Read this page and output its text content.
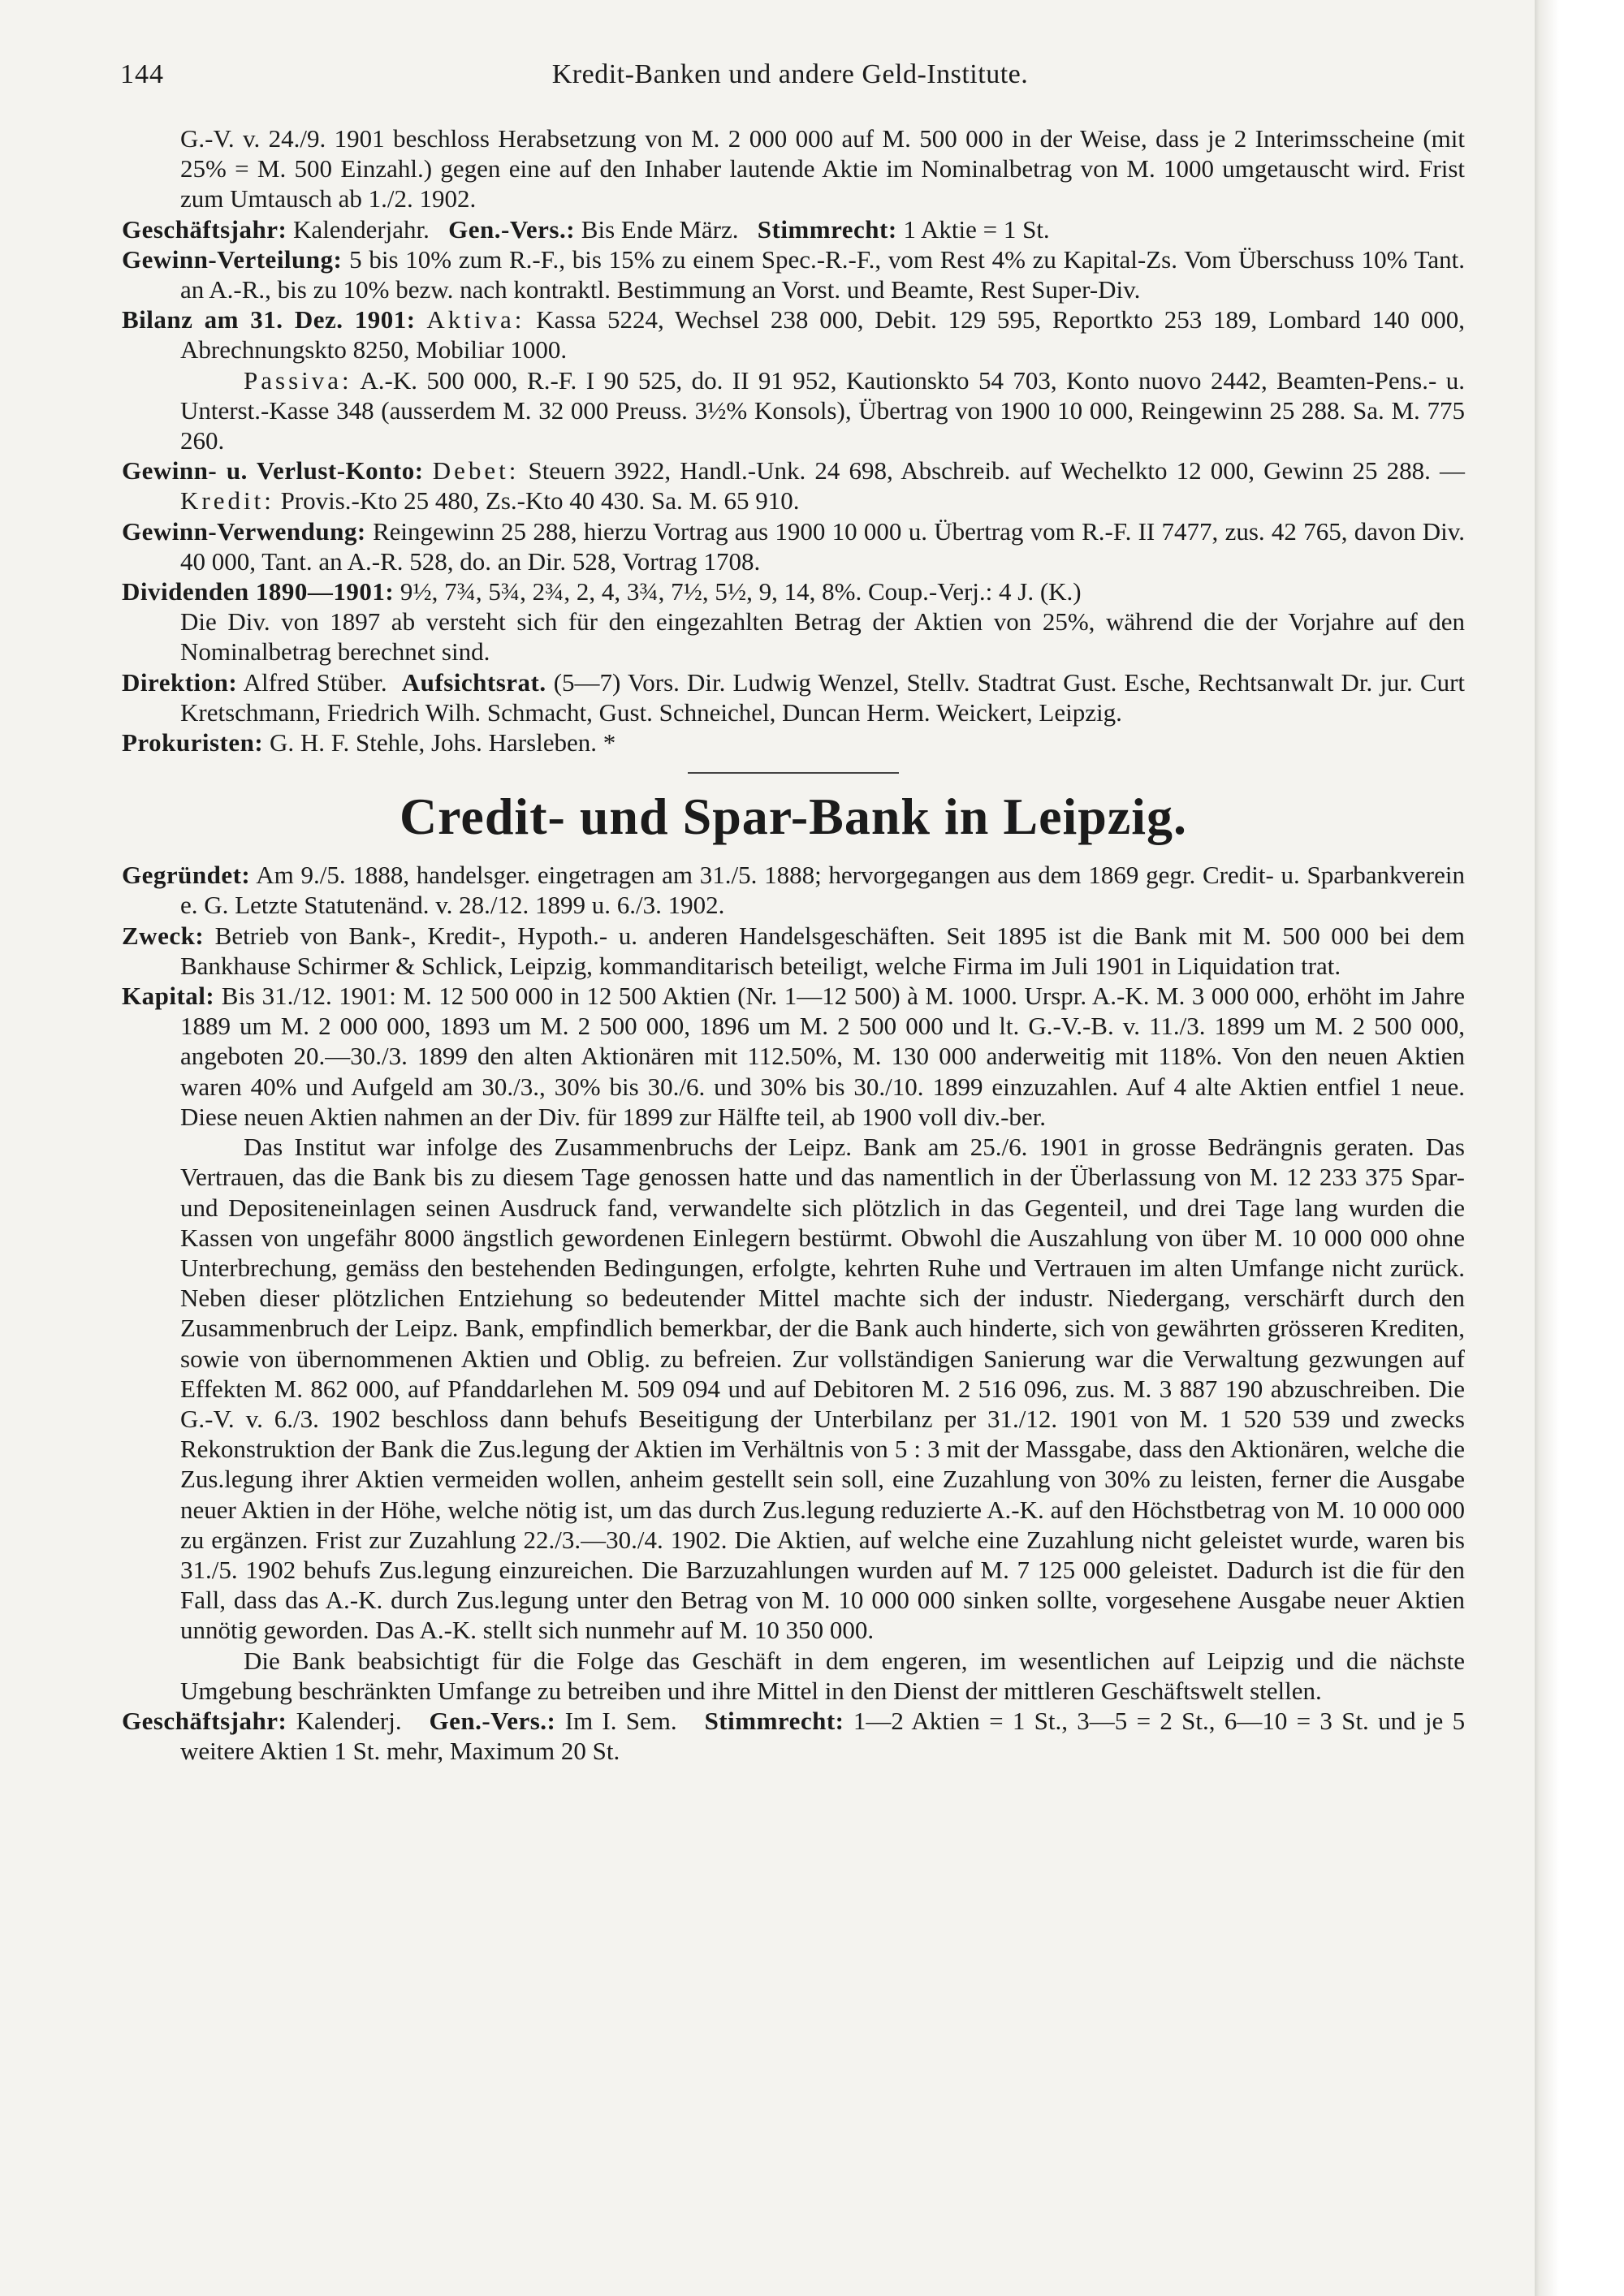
144	Kredit-Banken und andere Geld-Institute.

G.-V. v. 24./9. 1901 beschloss Herabsetzung von M. 2 000 000 auf M. 500 000 in der Weise, dass je 2 Interimsscheine (mit 25% = M. 500 Einzahl.) gegen eine auf den Inhaber lautende Aktie im Nominalbetrag von M. 1000 umgetauscht wird. Frist zum Umtausch ab 1./2. 1902.

Geschäftsjahr: Kalenderjahr. Gen.-Vers.: Bis Ende März. Stimmrecht: 1 Aktie = 1 St.

Gewinn-Verteilung: 5 bis 10% zum R.-F., bis 15% zu einem Spec.-R.-F., vom Rest 4% zu Kapital-Zs. Vom Überschuss 10% Tant. an A.-R., bis zu 10% bezw. nach kontraktl. Bestimmung an Vorst. und Beamte, Rest Super-Div.

Bilanz am 31. Dez. 1901: Aktiva: Kassa 5224, Wechsel 238 000, Debit. 129 595, Reportkto 253 189, Lombard 140 000, Abrechnungskto 8250, Mobiliar 1000.

Passiva: A.-K. 500 000, R.-F. I 90 525, do. II 91 952, Kautionskto 54 703, Konto nuovo 2442, Beamten-Pens.- u. Unterst.-Kasse 348 (ausserdem M. 32 000 Preuss. 3½% Konsols), Übertrag von 1900 10 000, Reingewinn 25 288. Sa. M. 775 260.

Gewinn- u. Verlust-Konto: Debet: Steuern 3922, Handl.-Unk. 24 698, Abschreib. auf Wechelkto 12 000, Gewinn 25 288. — Kredit: Provis.-Kto 25 480, Zs.-Kto 40 430. Sa. M. 65 910.

Gewinn-Verwendung: Reingewinn 25 288, hierzu Vortrag aus 1900 10 000 u. Übertrag vom R.-F. II 7477, zus. 42 765, davon Div. 40 000, Tant. an A.-R. 528, do. an Dir. 528, Vortrag 1708.

Dividenden 1890—1901: 9½, 7¾, 5¾, 2¾, 2, 4, 3¾, 7½, 5½, 9, 14, 8%. Coup.-Verj.: 4 J. (K.)

Die Div. von 1897 ab versteht sich für den eingezahlten Betrag der Aktien von 25%, während die der Vorjahre auf den Nominalbetrag berechnet sind.

Direktion: Alfred Stüber. Aufsichtsrat. (5—7) Vors. Dir. Ludwig Wenzel, Stellv. Stadtrat Gust. Esche, Rechtsanwalt Dr. jur. Curt Kretschmann, Friedrich Wilh. Schmacht, Gust. Schneichel, Duncan Herm. Weickert, Leipzig.

Prokuristen: G. H. F. Stehle, Johs. Harsleben. *

Credit- und Spar-Bank in Leipzig.

Gegründet: Am 9./5. 1888, handelsger. eingetragen am 31./5. 1888; hervorgegangen aus dem 1869 gegr. Credit- u. Sparbankverein e. G. Letzte Statutenänd. v. 28./12. 1899 u. 6./3. 1902.

Zweck: Betrieb von Bank-, Kredit-, Hypoth.- u. anderen Handelsgeschäften. Seit 1895 ist die Bank mit M. 500 000 bei dem Bankhause Schirmer & Schlick, Leipzig, kommanditarisch beteiligt, welche Firma im Juli 1901 in Liquidation trat.

Kapital: Bis 31./12. 1901: M. 12 500 000 in 12 500 Aktien (Nr. 1—12 500) à M. 1000. Urspr. A.-K. M. 3 000 000, erhöht im Jahre 1889 um M. 2 000 000, 1893 um M. 2 500 000, 1896 um M. 2 500 000 und lt. G.-V.-B. v. 11./3. 1899 um M. 2 500 000, angeboten 20.—30./3. 1899 den alten Aktionären mit 112.50%, M. 130 000 anderweitig mit 118%. Von den neuen Aktien waren 40% und Aufgeld am 30./3., 30% bis 30./6. und 30% bis 30./10. 1899 einzuzahlen. Auf 4 alte Aktien entfiel 1 neue. Diese neuen Aktien nahmen an der Div. für 1899 zur Hälfte teil, ab 1900 voll div.-ber.

Das Institut war infolge des Zusammenbruchs der Leipz. Bank am 25./6. 1901 in grosse Bedrängnis geraten. Das Vertrauen, das die Bank bis zu diesem Tage genossen hatte und das namentlich in der Überlassung von M. 12 233 375 Spar- und Depositeneinlagen seinen Ausdruck fand, verwandelte sich plötzlich in das Gegenteil, und drei Tage lang wurden die Kassen von ungefähr 8000 ängstlich gewordenen Einlegern bestürmt. Obwohl die Auszahlung von über M. 10 000 000 ohne Unterbrechung, gemäss den bestehenden Bedingungen, erfolgte, kehrten Ruhe und Vertrauen im alten Umfange nicht zurück. Neben dieser plötzlichen Entziehung so bedeutender Mittel machte sich der industr. Niedergang, verschärft durch den Zusammenbruch der Leipz. Bank, empfindlich bemerkbar, der die Bank auch hinderte, sich von gewährten grösseren Krediten, sowie von übernommenen Aktien und Oblig. zu befreien. Zur vollständigen Sanierung war die Verwaltung gezwungen auf Effekten M. 862 000, auf Pfanddarlehen M. 509 094 und auf Debitoren M. 2 516 096, zus. M. 3 887 190 abzuschreiben. Die G.-V. v. 6./3. 1902 beschloss dann behufs Beseitigung der Unterbilanz per 31./12. 1901 von M. 1 520 539 und zwecks Rekonstruktion der Bank die Zus.legung der Aktien im Verhältnis von 5 : 3 mit der Massgabe, dass den Aktionären, welche die Zus.legung ihrer Aktien vermeiden wollen, anheim gestellt sein soll, eine Zuzahlung von 30% zu leisten, ferner die Ausgabe neuer Aktien in der Höhe, welche nötig ist, um das durch Zus.legung reduzierte A.-K. auf den Höchstbetrag von M. 10 000 000 zu ergänzen. Frist zur Zuzahlung 22./3.—30./4. 1902. Die Aktien, auf welche eine Zuzahlung nicht geleistet wurde, waren bis 31./5. 1902 behufs Zus.legung einzureichen. Die Barzuzahlungen wurden auf M. 7 125 000 geleistet. Dadurch ist die für den Fall, dass das A.-K. durch Zus.legung unter den Betrag von M. 10 000 000 sinken sollte, vorgesehene Ausgabe neuer Aktien unnötig geworden. Das A.-K. stellt sich nunmehr auf M. 10 350 000.

Die Bank beabsichtigt für die Folge das Geschäft in dem engeren, im wesentlichen auf Leipzig und die nächste Umgebung beschränkten Umfange zu betreiben und ihre Mittel in den Dienst der mittleren Geschäftswelt stellen.

Geschäftsjahr: Kalenderj. Gen.-Vers.: Im I. Sem. Stimmrecht: 1—2 Aktien = 1 St., 3—5 = 2 St., 6—10 = 3 St. und je 5 weitere Aktien 1 St. mehr, Maximum 20 St.
